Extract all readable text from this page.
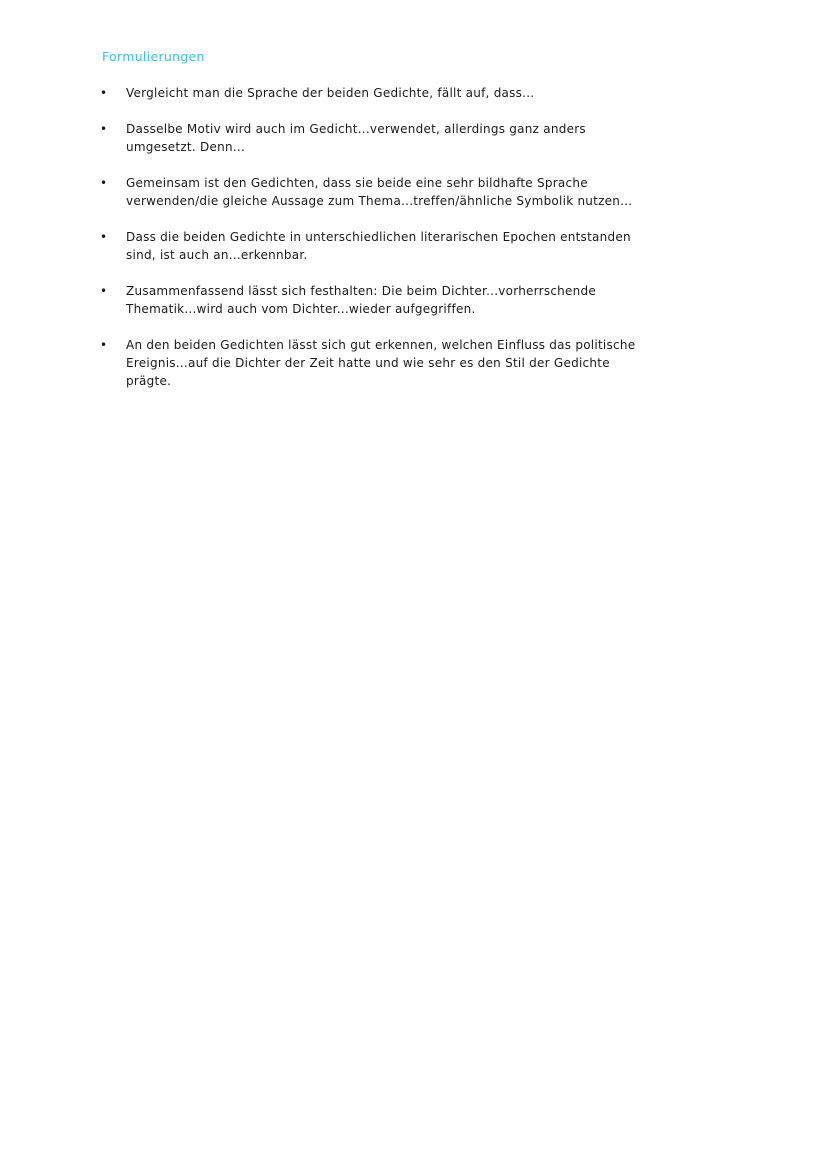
Formulierungen
• Vergleicht man die Sprache der beiden Gedichte, fällt auf, dass...
• Dasselbe Motiv wird auch im Gedicht...verwendet, allerdings ganz anders umgesetzt. Denn...
• Gemeinsam ist den Gedichten, dass sie beide eine sehr bildhafte Sprache verwenden/die gleiche Aussage zum Thema...treffen/ähnliche Symbolik nutzen...
• Dass die beiden Gedichte in unterschiedlichen literarischen Epochen entstanden sind, ist auch an...erkennbar.
• Zusammenfassend lässt sich festhalten: Die beim Dichter...vorherrschende Thematik...wird auch vom Dichter...wieder aufgegriffen.
• An den beiden Gedichten lässt sich gut erkennen, welchen Einfluss das politische Ereignis...auf die Dichter der Zeit hatte und wie sehr es den Stil der Gedichte prägte.
